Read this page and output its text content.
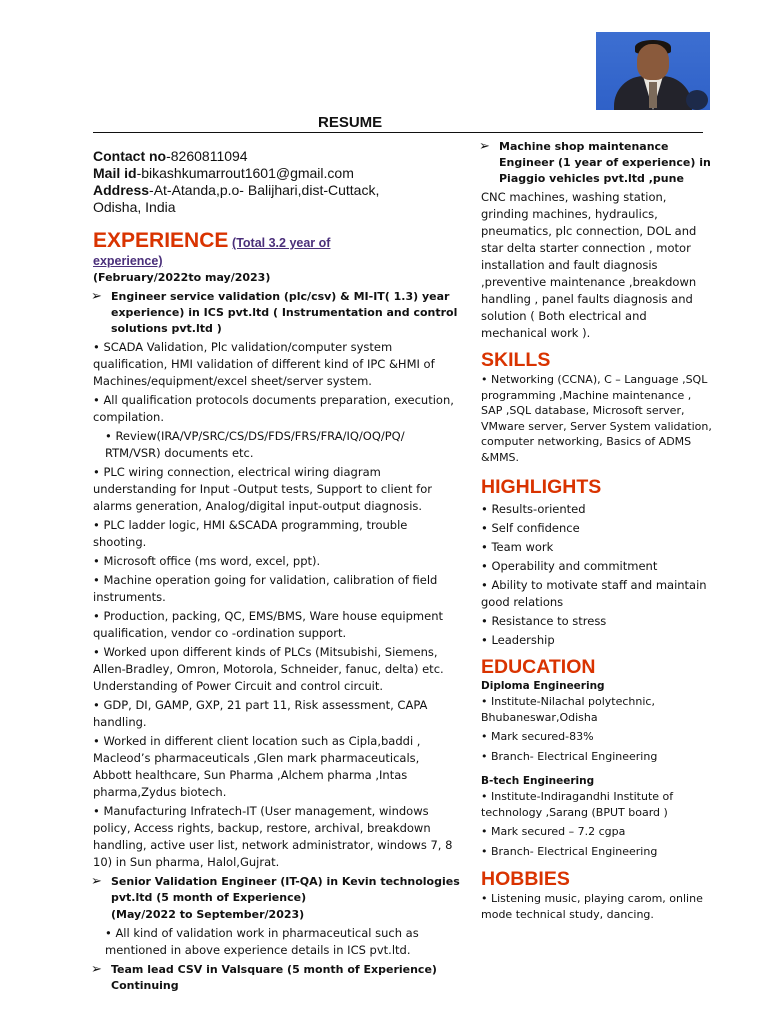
RESUME
Contact no-8260811094
Mail id-bikashkumarrout1601@gmail.com
Address-At-Atanda,p.o- Balijhari,dist-Cuttack,
Odisha, India
EXPERIENCE (Total 3.2 year of
experience)
(February/2022to may/2023)
➢ Engineer service validation (plc/csv) & MI-IT( 1.3) year experience) in ICS pvt.ltd ( Instrumentation and control solutions pvt.ltd )
• SCADA Validation, Plc validation/computer system qualification, HMI validation of different kind of IPC &HMI of Machines/equipment/excel sheet/server system.
• All qualification protocols documents preparation, execution, compilation.
• Review(IRA/VP/SRC/CS/DS/FDS/FRS/FRA/IQ/OQ/PQ/ RTM/VSR) documents etc.
• PLC wiring connection, electrical wiring diagram understanding for Input -Output tests, Support to client for alarms generation, Analog/digital input-output diagnosis.
• PLC ladder logic, HMI &SCADA programming, trouble shooting.
• Microsoft office (ms word, excel, ppt).
• Machine operation going for validation, calibration of field instruments.
• Production, packing, QC, EMS/BMS, Ware house equipment qualification, vendor co -ordination support.
• Worked upon different kinds of PLCs (Mitsubishi, Siemens, Allen-Bradley, Omron, Motorola, Schneider, fanuc, delta) etc. Understanding of Power Circuit and control circuit.
• GDP, DI, GAMP, GXP, 21 part 11, Risk assessment, CAPA handling.
• Worked in different client location such as Cipla,baddi , Macleod’s pharmaceuticals ,Glen mark pharmaceuticals, Abbott healthcare, Sun Pharma ,Alchem pharma ,Intas pharma,Zydus biotech.
• Manufacturing Infratech-IT (User management, windows policy, Access rights, backup, restore, archival, breakdown handling, active user list, network administrator, windows 7, 8 10) in Sun pharma, Halol,Gujrat.
➢ Senior Validation Engineer (IT-QA) in Kevin technologies pvt.ltd (5 month of Experience)
(May/2022 to September/2023)
• All kind of validation work in pharmaceutical such as mentioned in above experience details in ICS pvt.ltd.
➢ Team lead CSV in Valsquare (5 month of Experience) Continuing
➢ Machine shop maintenance Engineer (1 year of experience) in Piaggio vehicles pvt.ltd ,pune
CNC machines, washing station, grinding machines, hydraulics, pneumatics, plc connection, DOL and star delta starter connection , motor installation and fault diagnosis ,preventive maintenance ,breakdown handling , panel faults diagnosis and solution ( Both electrical and mechanical work ).
SKILLS
• Networking (CCNA), C – Language ,SQL programming ,Machine maintenance , SAP ,SQL database, Microsoft server, VMware server, Server System validation, computer networking, Basics of ADMS &MMS.
HIGHLIGHTS
• Results-oriented
• Self confidence
• Team work
• Operability and commitment
• Ability to motivate staff and maintain good relations
• Resistance to stress
• Leadership
EDUCATION
Diploma Engineering
• Institute-Nilachal polytechnic, Bhubaneswar,Odisha
• Mark secured-83%
• Branch- Electrical Engineering
B-tech Engineering
• Institute-Indiragandhi Institute of technology ,Sarang (BPUT board )
• Mark secured – 7.2 cgpa
• Branch- Electrical Engineering
HOBBIES
• Listening music, playing carom, online mode technical study, dancing.
